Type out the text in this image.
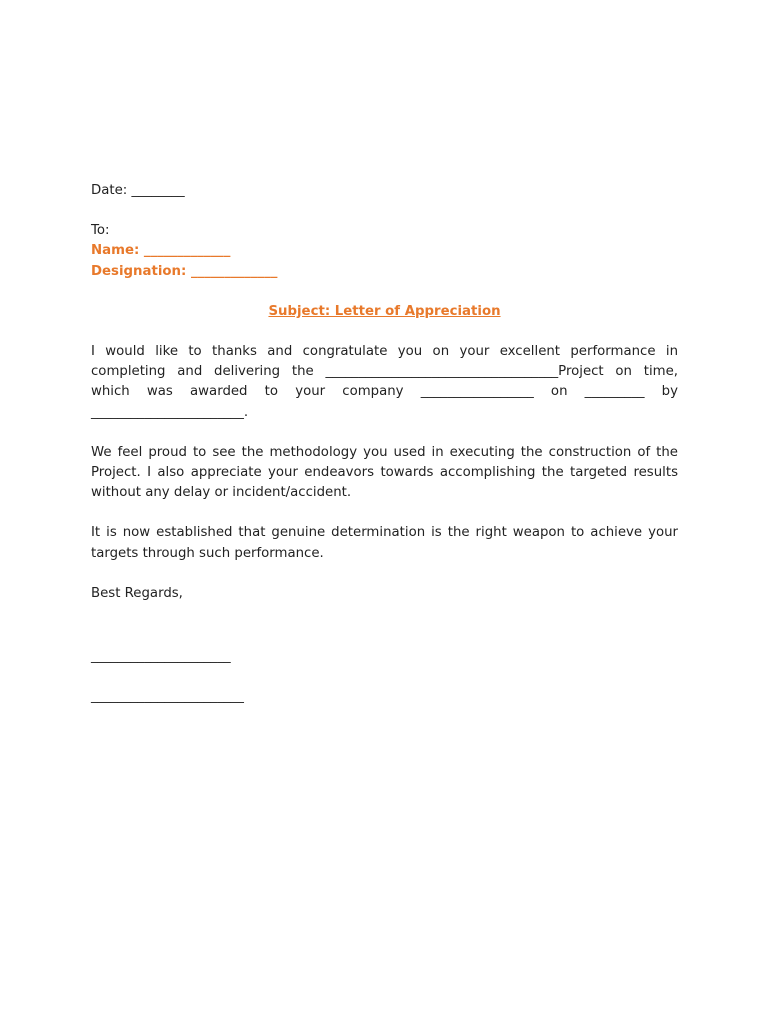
Date: ________
To:
Name: _____________
Designation: _____________
Subject: Letter of Appreciation
I would like to thanks and congratulate you on your excellent performance in
completing and delivering the ___________________________________Project on time,
which was awarded to your company _________________ on _________ by
_______________________.
We feel proud to see the methodology you used in executing the construction of the
Project. I also appreciate your endeavors towards accomplishing the targeted results
without any delay or incident/accident.
It is now established that genuine determination is the right weapon to achieve your
targets through such performance.
Best Regards,
_____________________
_______________________
